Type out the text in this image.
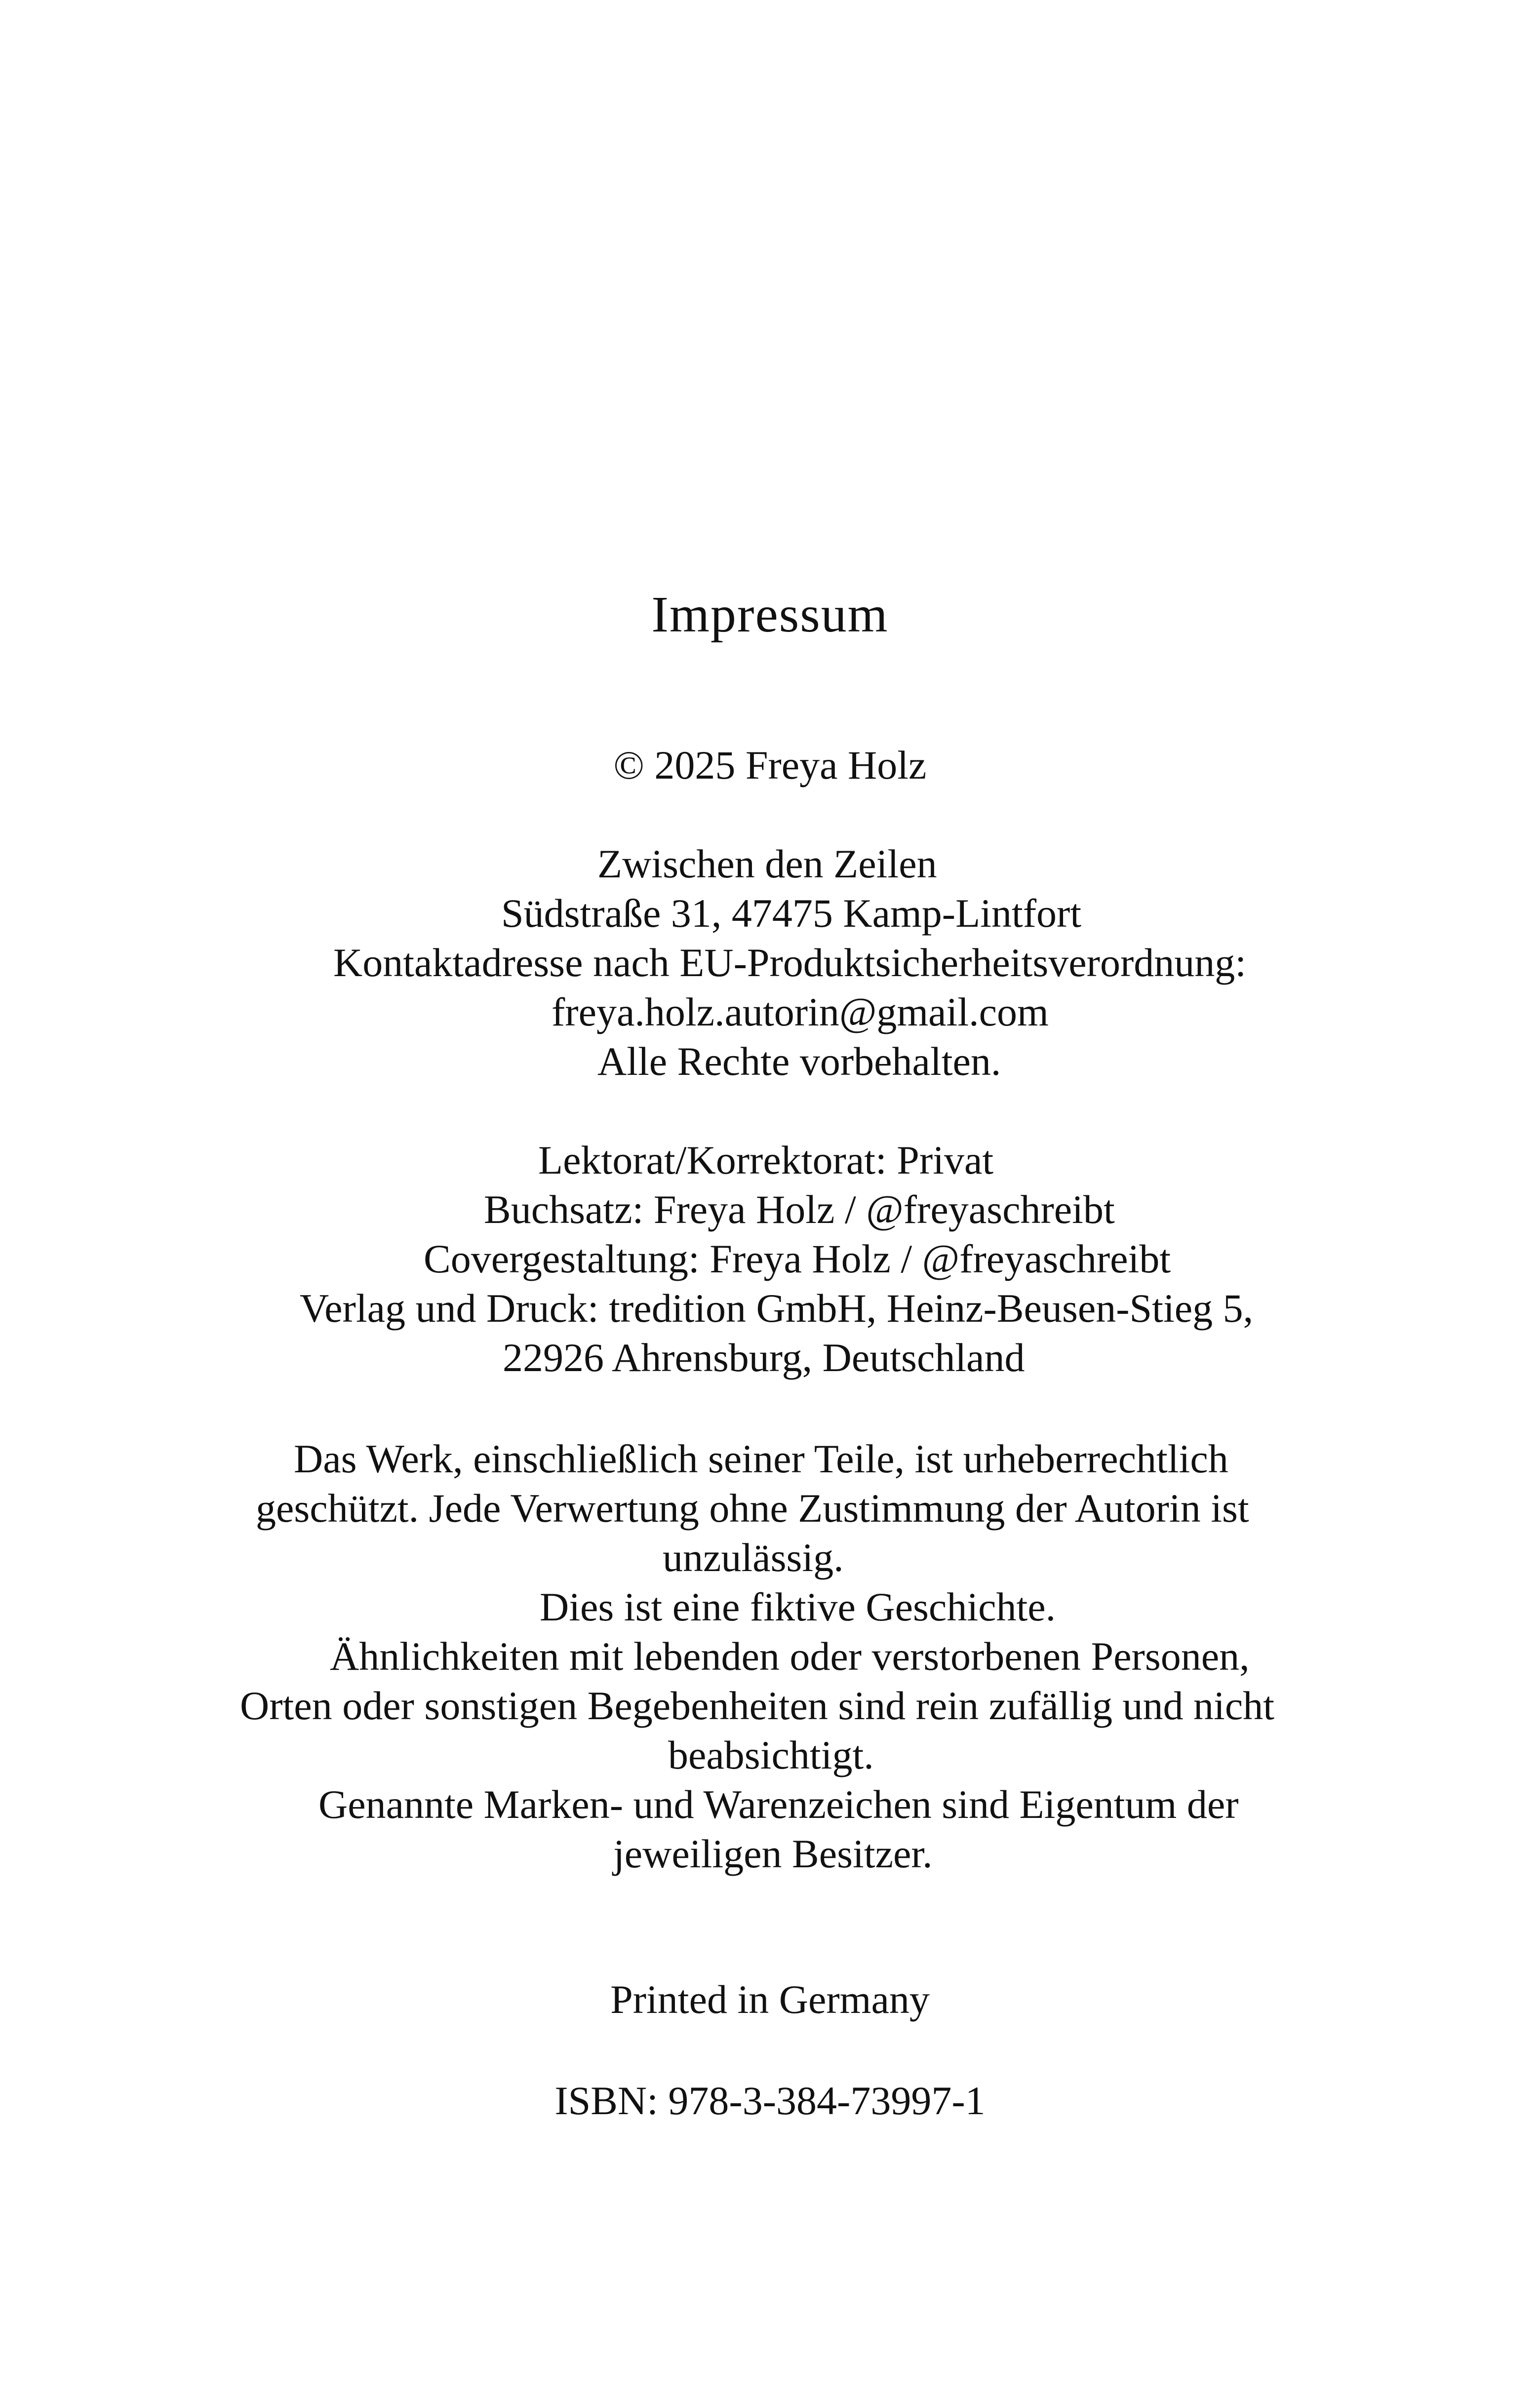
Impressum

© 2025 Freya Holz

Zwischen den Zeilen

Südstraße 31, 47475 Kamp-Lintfort

Kontaktadresse nach EU-Produktsicherheitsverordnung:

freya.holz.autorin@gmail.com

Alle Rechte vorbehalten.

Lektorat/Korrektorat: Privat

Buchsatz: Freya Holz / @freyaschreibt

Covergestaltung: Freya Holz / @freyaschreibt

Verlag und Druck: tredition GmbH, Heinz-Beusen-Stieg 5,

22926 Ahrensburg, Deutschland

Das Werk, einschließlich seiner Teile, ist urheberrechtlich

geschützt. Jede Verwertung ohne Zustimmung der Autorin ist

unzulässig.

Dies ist eine fiktive Geschichte.

Ähnlichkeiten mit lebenden oder verstorbenen Personen,

Orten oder sonstigen Begebenheiten sind rein zufällig und nicht

beabsichtigt.

Genannte Marken- und Warenzeichen sind Eigentum der

jeweiligen Besitzer.

Printed in Germany

ISBN: 978-3-384-73997-1
